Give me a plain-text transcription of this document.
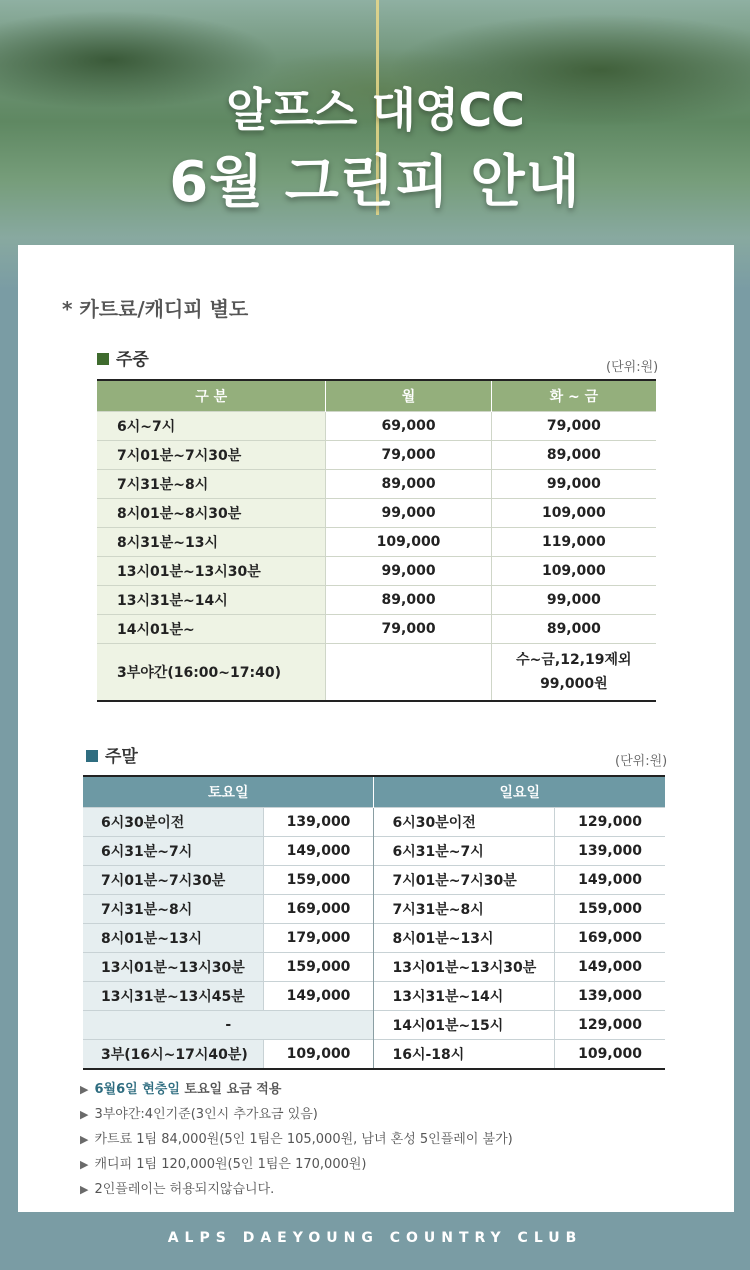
알프스 대영CC
6월 그린피 안내
* 카트료/캐디피 별도
주중	(단위:원)
구 분	월	화 ~ 금
6시~7시	69,000	79,000
7시01분~7시30분	79,000	89,000
7시31분~8시	89,000	99,000
8시01분~8시30분	99,000	109,000
8시31분~13시	109,000	119,000
13시01분~13시30분	99,000	109,000
13시31분~14시	89,000	99,000
14시01분~	79,000	89,000
3부야간(16:00~17:40)		수~금,12,19제외
99,000원
주말	(단위:원)
토요일		일요일	
6시30분이전	139,000	6시30분이전	129,000
6시31분~7시	149,000	6시31분~7시	139,000
7시01분~7시30분	159,000	7시01분~7시30분	149,000
7시31분~8시	169,000	7시31분~8시	159,000
8시01분~13시	179,000	8시01분~13시	169,000
13시01분~13시30분	159,000	13시01분~13시30분	149,000
13시31분~13시45분	149,000	13시31분~14시	139,000
-		14시01분~15시	129,000
3부(16시~17시40분)	109,000	16시-18시	109,000
▶ 6월6일 현충일 토요일 요금 적용
▶ 3부야간:4인기준(3인시 추가요금 있음)
▶ 카트료 1팀 84,000원(5인 1팀은 105,000원, 남녀 혼성 5인플레이 불가)
▶ 캐디피 1팀 120,000원(5인 1팀은 170,000원)
▶ 2인플레이는 허용되지않습니다.
ALPS DAEYOUNG COUNTRY CLUB
